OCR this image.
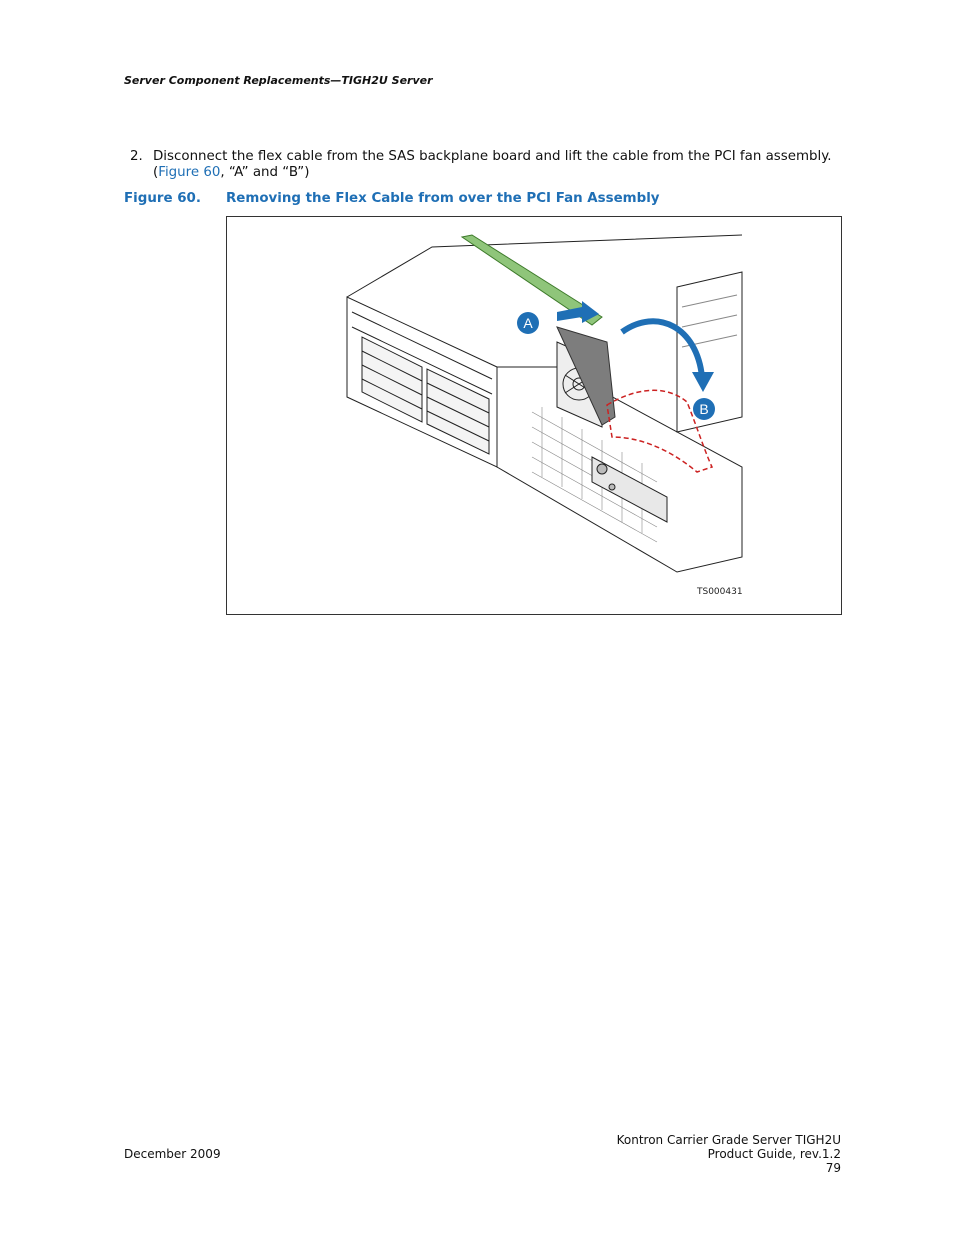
Server Component Replacements—TIGH2U Server
2. Disconnect the flex cable from the SAS backplane board and lift the cable from the PCI fan assembly. (Figure 60, “A” and “B”)
Figure 60. Removing the Flex Cable from over the PCI Fan Assembly
A
B
TS000431
December 2009
Kontron Carrier Grade Server TIGH2U
Product Guide, rev.1.2
79
